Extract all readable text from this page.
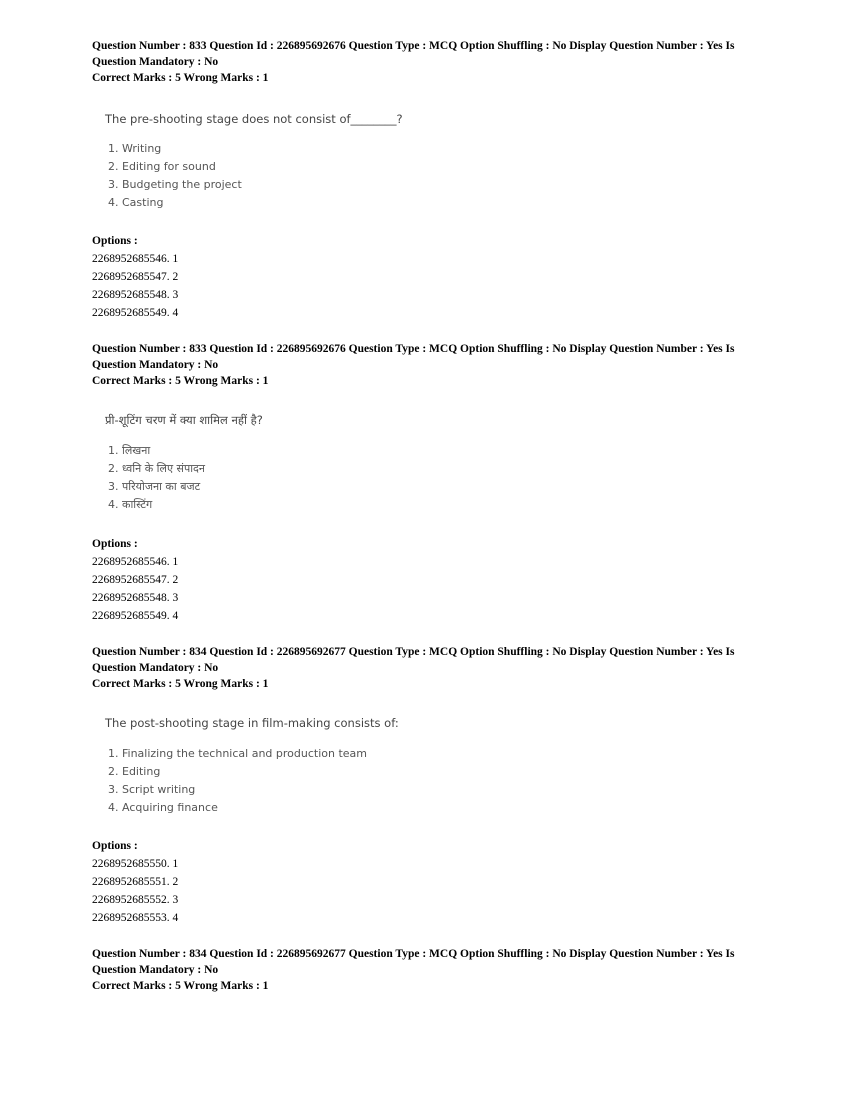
Question Number : 833 Question Id : 226895692676 Question Type : MCQ Option Shuffling : No Display Question Number : Yes Is

Question Mandatory : No

Correct Marks : 5 Wrong Marks : 1

The pre-shooting stage does not consist of________?

1. Writing
2. Editing for sound
3. Budgeting the project
4. Casting
Options :
2268952685546. 1
2268952685547. 2
2268952685548. 3
2268952685549. 4

Question Number : 833 Question Id : 226895692676 Question Type : MCQ Option Shuffling : No Display Question Number : Yes Is

Question Mandatory : No

Correct Marks : 5 Wrong Marks : 1

प्री-शूटिंग चरण में क्या शामिल नहीं है?

1. लिखना
2. ध्वनि के लिए संपादन
3. परियोजना का बजट
4. कास्टिंग
Options :
2268952685546. 1
2268952685547. 2
2268952685548. 3
2268952685549. 4

Question Number : 834 Question Id : 226895692677 Question Type : MCQ Option Shuffling : No Display Question Number : Yes Is

Question Mandatory : No

Correct Marks : 5 Wrong Marks : 1

The post-shooting stage in film-making consists of:

1. Finalizing the technical and production team
2. Editing
3. Script writing
4. Acquiring finance
Options :
2268952685550. 1
2268952685551. 2
2268952685552. 3
2268952685553. 4

Question Number : 834 Question Id : 226895692677 Question Type : MCQ Option Shuffling : No Display Question Number : Yes Is

Question Mandatory : No

Correct Marks : 5 Wrong Marks : 1
